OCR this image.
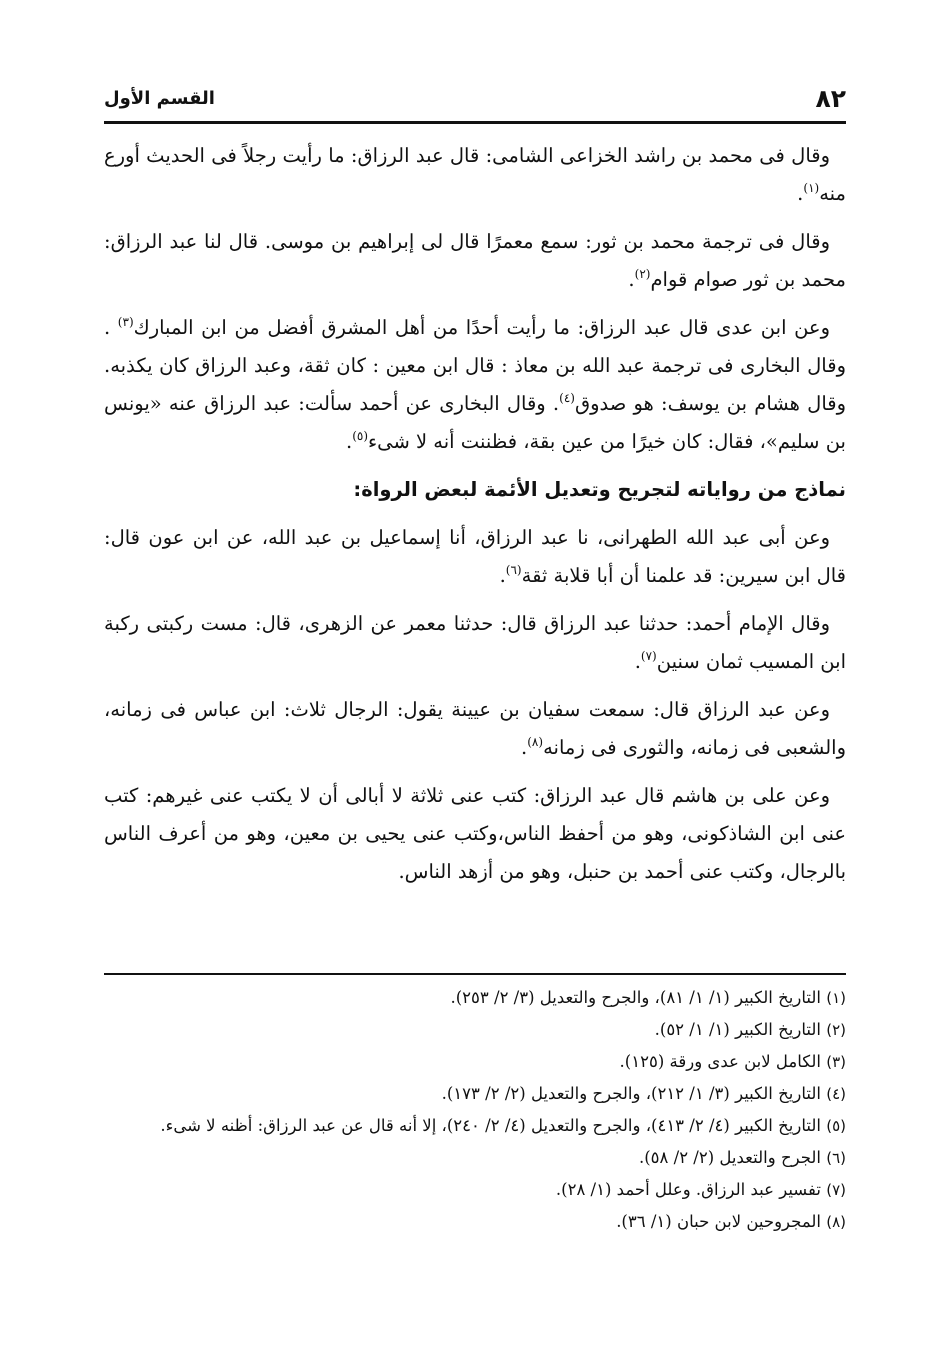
٨٢
القسم الأول

وقال فى محمد بن راشد الخزاعى الشامى: قال عبد الرزاق: ما رأيت رجلاً فى الحديث أورع منه$^{(١)}$.

وقال فى ترجمة محمد بن ثور: سمع معمرًا قال لى إبراهيم بن موسى. قال لنا عبد الرزاق: محمد بن ثور صوام قوام$^{(٢)}$.

وعن ابن عدى قال عبد الرزاق: ما رأيت أحدًا من أهل المشرق أفضل من ابن المبارك$^{(٣)}$ . وقال البخارى فى ترجمة عبد الله بن معاذ : قال ابن معين : كان ثقة، وعبد الرزاق كان يكذبه. وقال هشام بن يوسف: هو صدوق$^{(٤)}$. وقال البخارى عن أحمد سألت: عبد الرزاق عنه «يونس بن سليم»، فقال: كان خيرًا من عين بقة، فظننت أنه لا شىء$^{(٥)}$.

نماذج من رواياته لتجريح وتعديل الأئمة لبعض الرواة:

وعن أبى عبد الله الطهرانى، نا عبد الرزاق، أنا إسماعيل بن عبد الله، عن ابن عون قال: قال ابن سيرين: قد علمنا أن أبا قلابة ثقة$^{(٦)}$.

وقال الإمام أحمد: حدثنا عبد الرزاق قال: حدثنا معمر عن الزهرى، قال: مست ركبتى ركبة ابن المسيب ثمان سنين$^{(٧)}$.

وعن عبد الرزاق قال: سمعت سفيان بن عيينة يقول: الرجال ثلاث: ابن عباس فى زمانه، والشعبى فى زمانه، والثورى فى زمانه$^{(٨)}$.

وعن على بن هاشم قال عبد الرزاق: كتب عنى ثلاثة لا أبالى أن لا يكتب عنى غيرهم: كتب عنى ابن الشاذكونى، وهو من أحفظ الناس،وكتب عنى يحيى بن معين، وهو من أعرف الناس بالرجال، وكتب عنى أحمد بن حنبل، وهو من أزهد الناس.

(١) التاريخ الكبير (١/ ١/ ٨١)، والجرح والتعديل (٣/ ٢/ ٢٥٣).

(٢) التاريخ الكبير (١/ ١/ ٥٢).

(٣) الكامل لابن عدى ورقة (١٢٥).

(٤) التاريخ الكبير (٣/ ١/ ٢١٢)، والجرح والتعديل (٢/ ٢/ ١٧٣).

(٥) التاريخ الكبير (٤/ ٢/ ٤١٣)، والجرح والتعديل (٤/ ٢/ ٢٤٠)، إلا أنه قال عن عبد الرزاق: أظنه لا شىء.

(٦) الجرح والتعديل (٢/ ٢/ ٥٨).

(٧) تفسير عبد الرزاق. وعلل أحمد (١/ ٢٨).

(٨) المجروحين لابن حبان (١/ ٣٦).
